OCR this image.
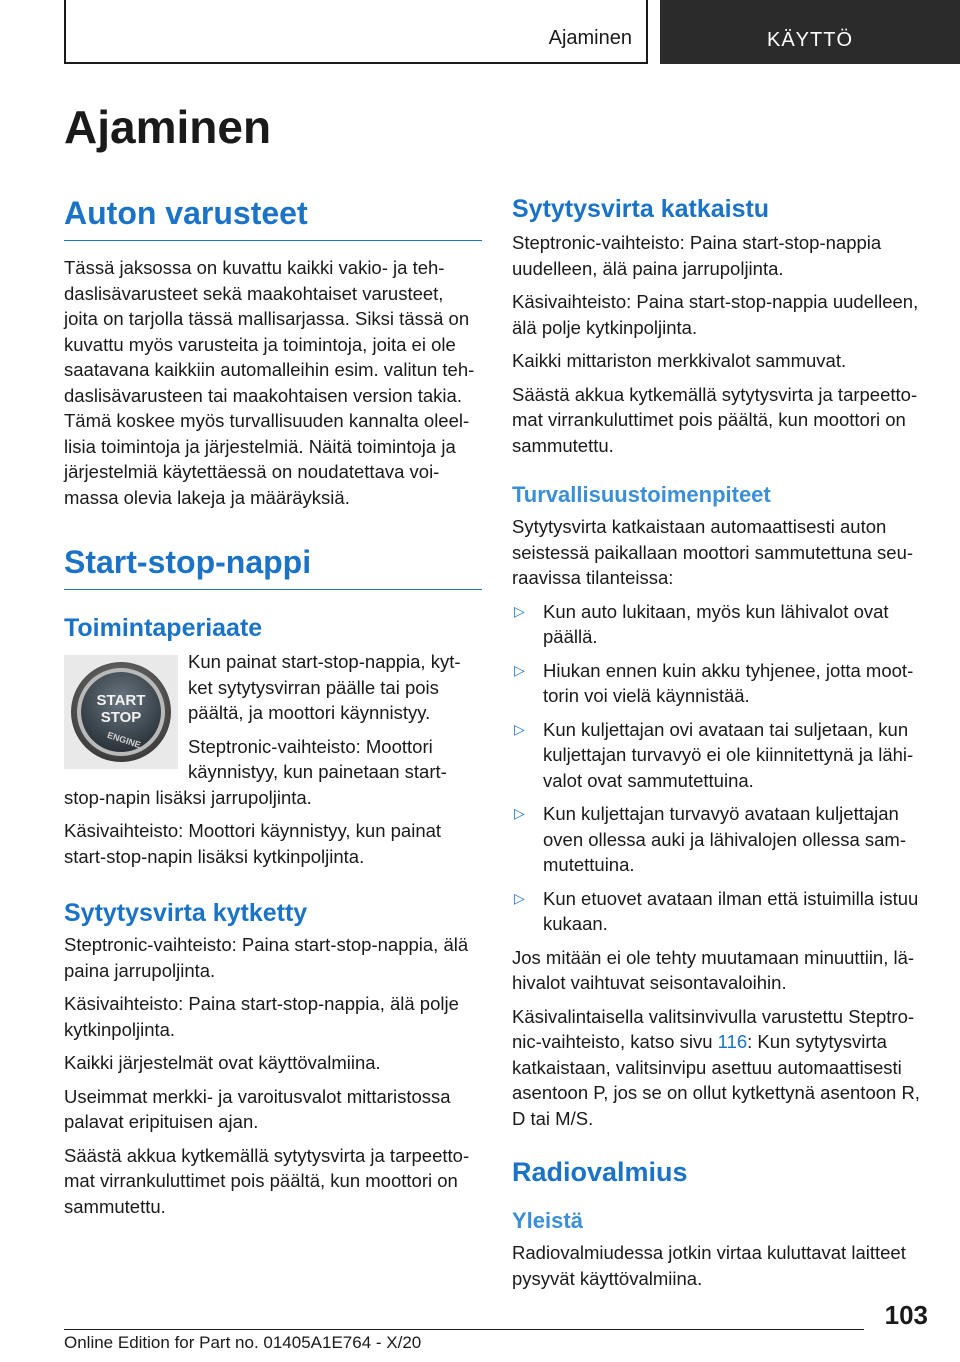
Ajaminen	KÄYTTÖ
Ajaminen
Auton varusteet

Tässä jaksossa on kuvattu kaikki vakio- ja teh-daslisävarusteet sekä maakohtaiset varusteet, joita on tarjolla tässä mallisarjassa. Siksi tässä on kuvattu myös varusteita ja toimintoja, joita ei ole saatavana kaikkiin automalleihin esim. valitun teh-daslisävarusteen tai maakohtaisen version takia. Tämä koskee myös turvallisuuden kannalta oleel-lisia toimintoja ja järjestelmiä. Näitä toimintoja ja järjestelmiä käytettäessä on noudatettava voi-massa olevia lakeja ja määräyksiä.

Start-stop-nappi
Toimintaperiaate
START
STOP
ENGINE

Kun painat start-stop-nappia, kyt-ket sytytysvirran päälle tai pois päältä, ja moottori käynnistyy.

Steptronic-vaihteisto: Moottori käynnistyy, kun painetaan start-stop-napin lisäksi jarrupoljinta.

Käsivaihteisto: Moottori käynnistyy, kun painat start-stop-napin lisäksi kytkinpoljinta.

Sytytysvirta kytketty

Steptronic-vaihteisto: Paina start-stop-nappia, älä paina jarrupoljinta.

Käsivaihteisto: Paina start-stop-nappia, älä polje kytkinpoljinta.

Kaikki järjestelmät ovat käyttövalmiina.

Useimmat merkki- ja varoitusvalot mittaristossa palavat eripituisen ajan.

Säästä akkua kytkemällä sytytysvirta ja tarpeetto-mat virrankuluttimet pois päältä, kun moottori on sammutettu.

Sytytysvirta katkaistu

Steptronic-vaihteisto: Paina start-stop-nappia uudelleen, älä paina jarrupoljinta.

Käsivaihteisto: Paina start-stop-nappia uudelleen, älä polje kytkinpoljinta.

Kaikki mittariston merkkivalot sammuvat.

Säästä akkua kytkemällä sytytysvirta ja tarpeetto-mat virrankuluttimet pois päältä, kun moottori on sammutettu.

Turvallisuustoimenpiteet

Sytytysvirta katkaistaan automaattisesti auton seistessä paikallaan moottori sammutettuna seu-raavissa tilanteissa:

▷ Kun auto lukitaan, myös kun lähivalot ovat päällä.
▷ Hiukan ennen kuin akku tyhjenee, jotta moot-torin voi vielä käynnistää.
▷ Kun kuljettajan ovi avataan tai suljetaan, kun kuljettajan turvavyö ei ole kiinnitettynä ja lähi-valot ovat sammutettuina.
▷ Kun kuljettajan turvavyö avataan kuljettajan oven ollessa auki ja lähivalojen ollessa sam-mutettuina.
▷ Kun etuovet avataan ilman että istuimilla istuu kukaan.

Jos mitään ei ole tehty muutamaan minuuttiin, lä-hivalot vaihtuvat seisontavaloihin.

Käsivalintaisella valitsinvivulla varustettu Steptro-nic-vaihteisto, katso sivu 116: Kun sytytysvirta katkaistaan, valitsinvipu asettuu automaattisesti asentoon P, jos se on ollut kytkettynä asentoon R, D tai M/S.

Radiovalmius
Yleistä

Radiovalmiudessa jotkin virtaa kuluttavat laitteet pysyvät käyttövalmiina.

103
Online Edition for Part no. 01405A1E764 - X/20
